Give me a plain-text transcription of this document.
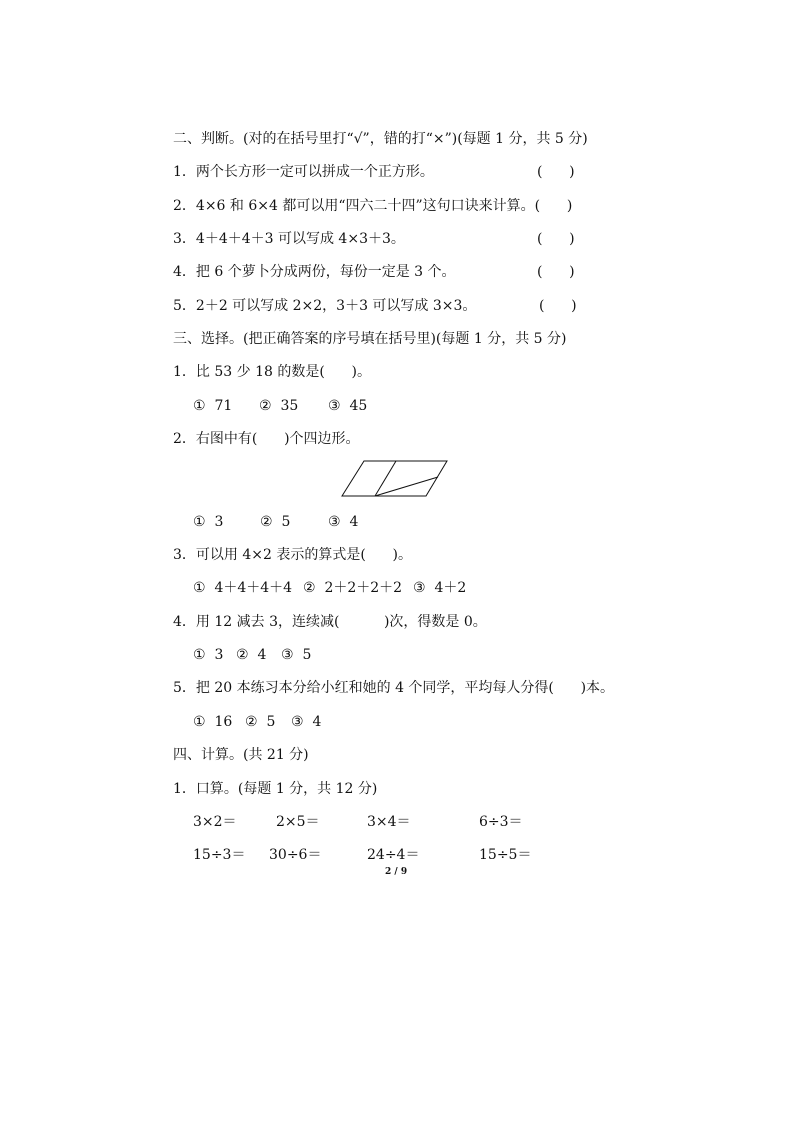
二、判断。(对的在括号里打“√”，错的打“×”)(每题 1 分，共 5 分)
1．两个长方形一定可以拼成一个正方形。	(      )
2．4×6 和 6×4 都可以用“四六二十四”这句口诀来计算。(      )
3．4＋4＋4＋3 可以写成 4×3＋3。	(      )
4．把 6 个萝卜分成两份，每份一定是 3 个。	(      )
5．2＋2 可以写成 2×2，3＋3 可以写成 3×3。	(      )
三、选择。(把正确答案的序号填在括号里)(每题 1 分，共 5 分)
1．比 53 少 18 的数是(      )。
①  71 ②  35 ③  45
2．右图中有(      )个四边形。
①  3	②  5	③  4
3．可以用 4×2 表示的算式是(      )。
①  4＋4＋4＋4 ②  2＋2＋2＋2 ③  4＋2
4．用 12 减去 3，连续减(          )次，得数是 0。
①  3 ②  4 ③  5
5．把 20 本练习本分给小红和她的 4 个同学，平均每人分得(      )本。
①  16 ②  5 ③  4
四、计算。(共 21 分)
1．口算。(每题 1 分，共 12 分)
3×2＝	2×5＝	3×4＝	6÷3＝
15÷3＝ 30÷6＝	24÷4＝	15÷5＝
2 / 9
